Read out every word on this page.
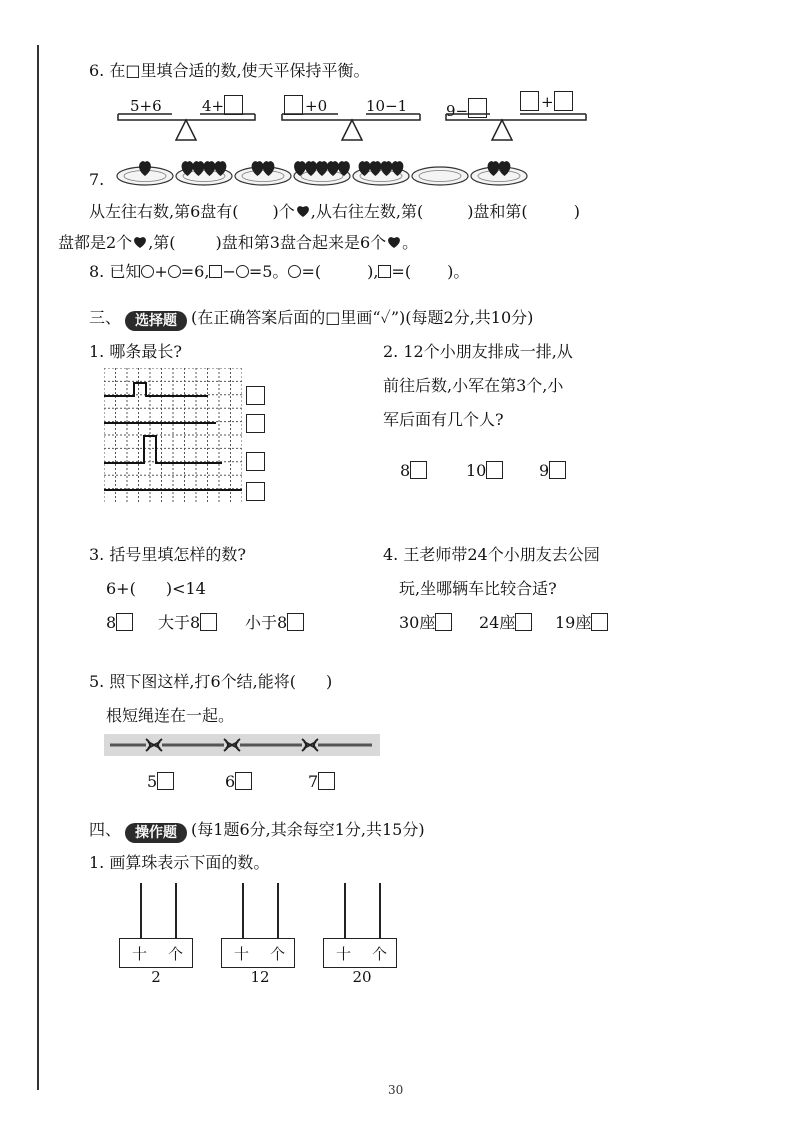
6. 在□里填合适的数,使天平保持平衡。
5+6	4+	+0	10−1	9−	+
7.
从左往右数,第6盘有( )个 ,从右往左数,第(	)盘和第(	)
盘都是2个 ,第(	)盘和第3盘合起来是6个 。
8. 已知 + =6, − =5。 =(	), =( )。
三、 选择题 (在正确答案后面的□里画“✓”)(每题2分,共10分)
1. 哪条最长?	2. 12个小朋友排成一排,从
前往后数,小军在第3个,小
军后面有几个人?
8	10	9
3. 括号里填怎样的数?
6+( )<14
8	大于8	小于8
4. 王老师带24个小朋友去公园
玩,坐哪辆车比较合适?
30座	24座	19座
5. 照下图这样,打6个结,能将( )
根短绳连在一起。
5	6	7
四、 操作题 (每1题6分,其余每空1分,共15分)
1. 画算珠表示下面的数。
十 个
2
十 个
12
十 个
20
30
